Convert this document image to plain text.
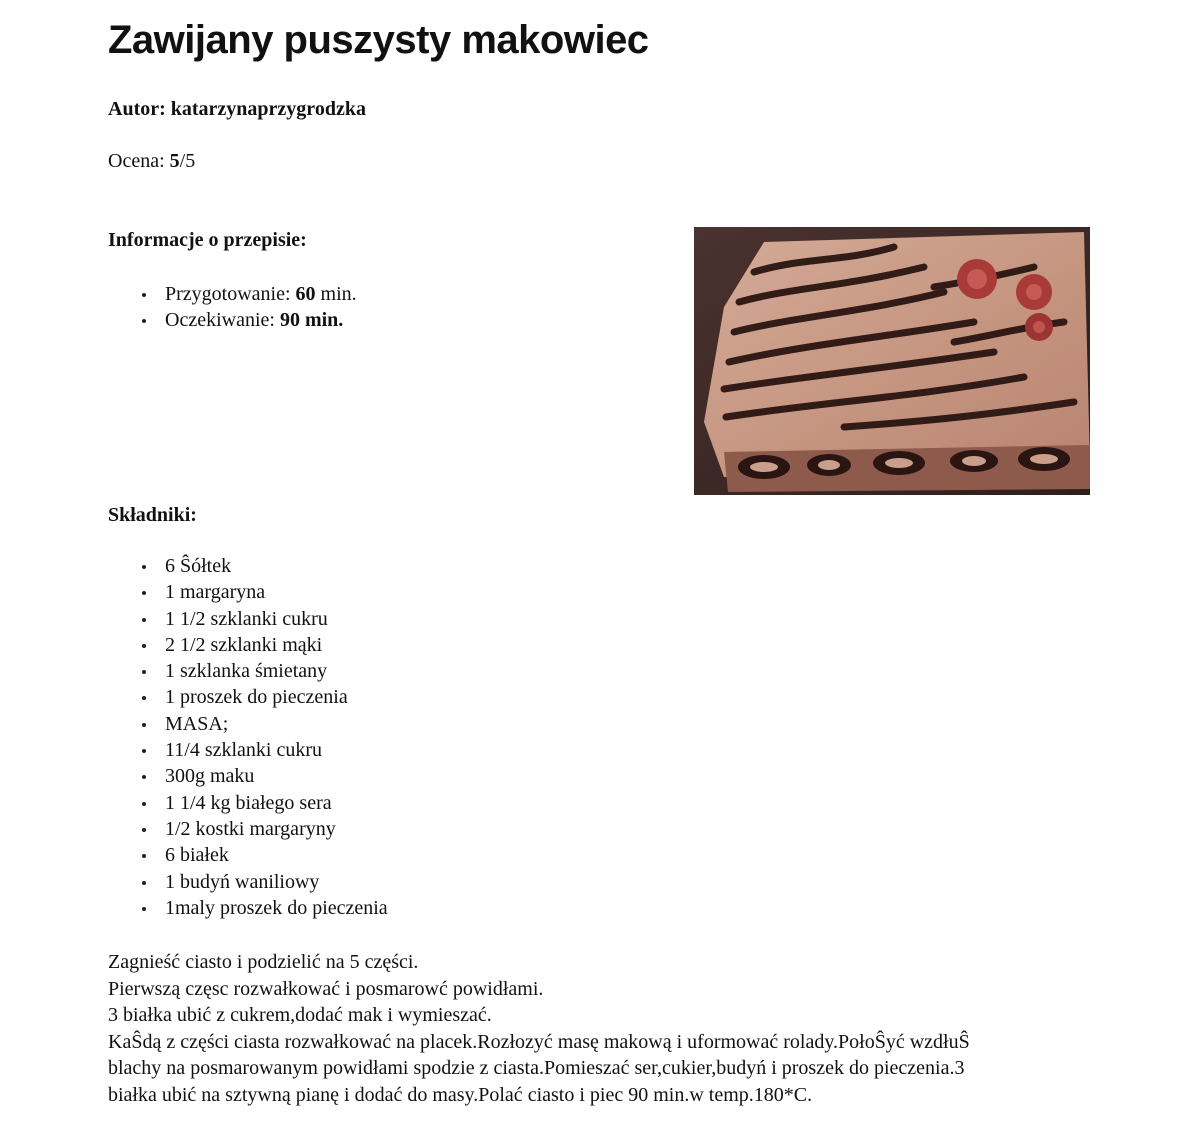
Zawijany puszysty makowiec
Autor: katarzynaprzygrodzka
Ocena: 5/5
Informacje o przepisie:
Przygotowanie: 60 min.
Oczekiwanie: 90 min.
Składniki:
6 Ŝółtek
1 margaryna
1 1/2 szklanki cukru
2 1/2 szklanki mąki
1 szklanka śmietany
1 proszek do pieczenia
MASA;
11/4 szklanki cukru
300g maku
1 1/4 kg białego sera
1/2 kostki margaryny
6 białek
1 budyń waniliowy
1maly proszek do pieczenia
Zagnieść ciasto i podzielić na 5 części.
Pierwszą częsc rozwałkować i posmarowć powidłami.
3 białka ubić z cukrem,dodać mak i wymieszać.
KaŜdą z części ciasta rozwałkować na placek.Rozłozyć masę makową i uformować rolady.PołoŜyć wzdłuŜ
blachy na posmarowanym powidłami spodzie z ciasta.Pomieszać ser,cukier,budyń i proszek do pieczenia.3
białka ubić na sztywną pianę i dodać do masy.Polać ciasto i piec 90 min.w temp.180*C.
